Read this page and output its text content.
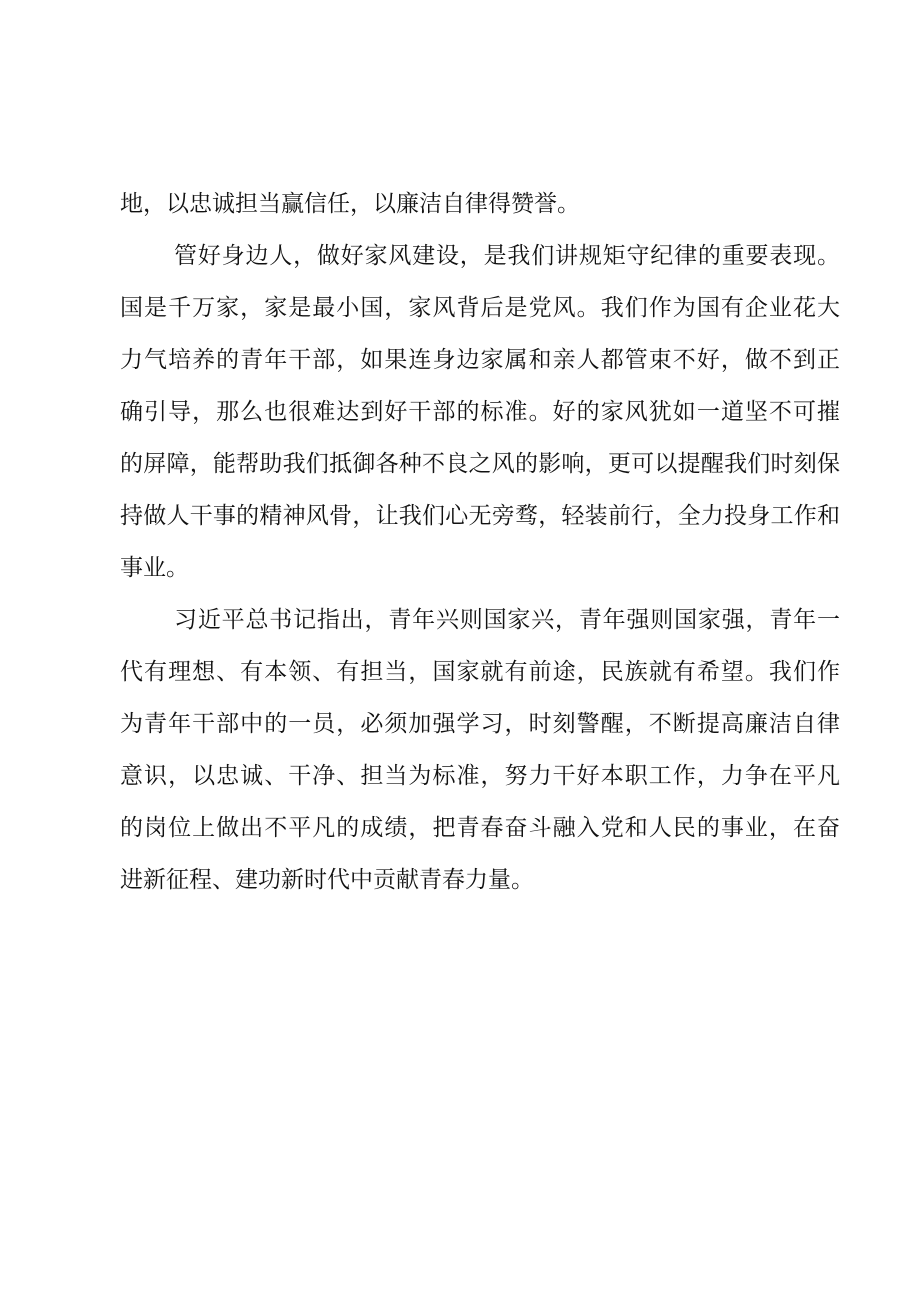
地，以忠诚担当赢信任，以廉洁自律得赞誉。
管好身边人，做好家风建设，是我们讲规矩守纪律的重要表现。
国是千万家，家是最小国，家风背后是党风。我们作为国有企业花大
力气培养的青年干部，如果连身边家属和亲人都管束不好，做不到正
确引导，那么也很难达到好干部的标准。好的家风犹如一道坚不可摧
的屏障，能帮助我们抵御各种不良之风的影响，更可以提醒我们时刻保
持做人干事的精神风骨，让我们心无旁骛，轻装前行，全力投身工作和
事业。
习近平总书记指出，青年兴则国家兴，青年强则国家强，青年一
代有理想、有本领、有担当，国家就有前途，民族就有希望。我们作
为青年干部中的一员，必须加强学习，时刻警醒，不断提高廉洁自律
意识，以忠诚、干净、担当为标准，努力干好本职工作，力争在平凡
的岗位上做出不平凡的成绩，把青春奋斗融入党和人民的事业，在奋
进新征程、建功新时代中贡献青春力量。
